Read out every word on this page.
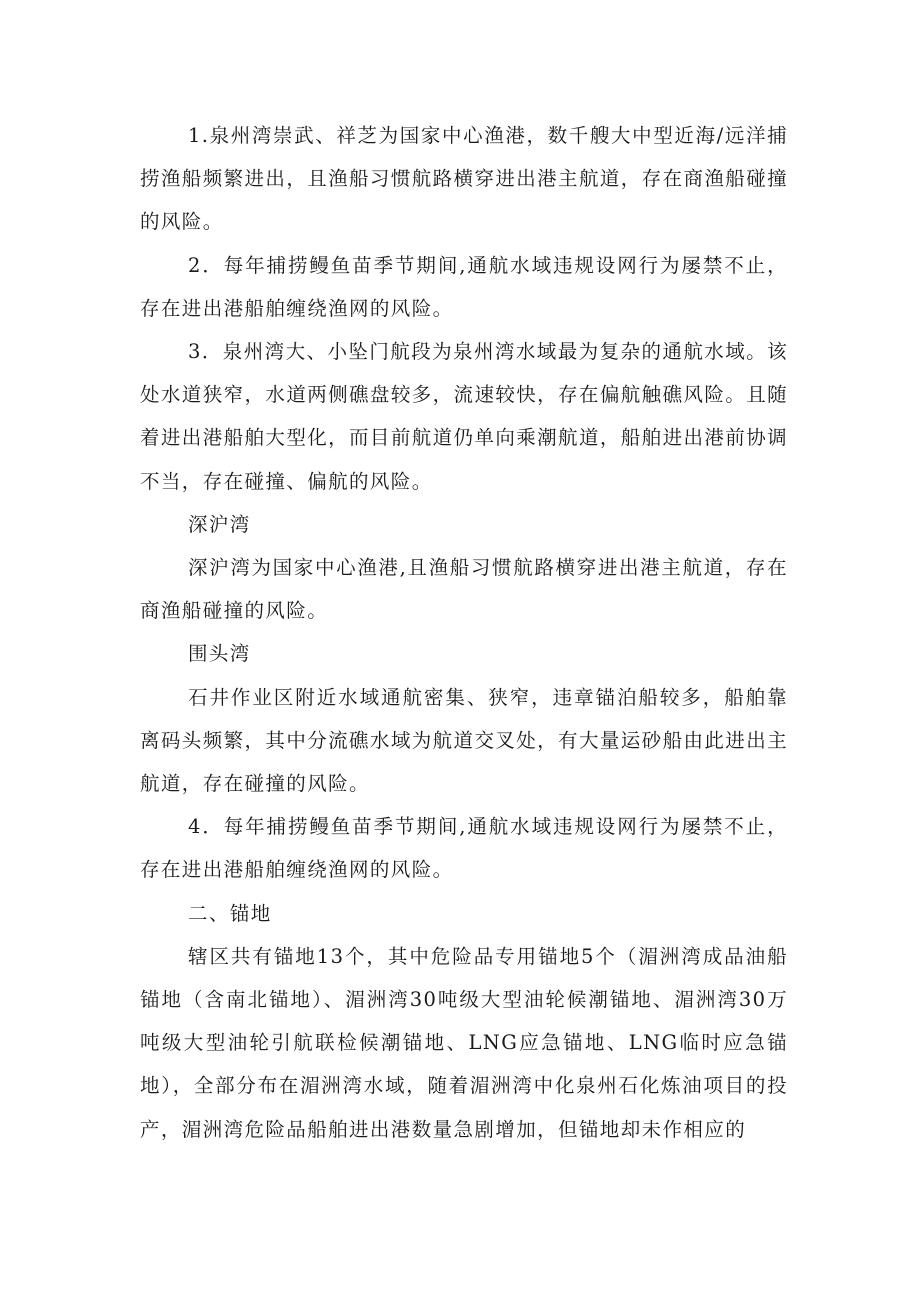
1.泉州湾崇武、祥芝为国家中心渔港，数千艘大中型近海/远洋捕捞渔船频繁进出，且渔船习惯航路横穿进出港主航道，存在商渔船碰撞的风险。

2．每年捕捞鳗鱼苗季节期间,通航水域违规设网行为屡禁不止，存在进出港船舶缠绕渔网的风险。

3．泉州湾大、小坠门航段为泉州湾水域最为复杂的通航水域。该处水道狭窄，水道两侧礁盘较多，流速较快，存在偏航触礁风险。且随着进出港船舶大型化，而目前航道仍单向乘潮航道，船舶进出港前协调不当，存在碰撞、偏航的风险。

深沪湾

深沪湾为国家中心渔港,且渔船习惯航路横穿进出港主航道，存在商渔船碰撞的风险。

围头湾

石井作业区附近水域通航密集、狭窄，违章锚泊船较多，船舶靠离码头频繁，其中分流礁水域为航道交叉处，有大量运砂船由此进出主航道，存在碰撞的风险。

4．每年捕捞鳗鱼苗季节期间,通航水域违规设网行为屡禁不止，存在进出港船舶缠绕渔网的风险。

二、锚地

辖区共有锚地13个，其中危险品专用锚地5个（湄洲湾成品油船锚地（含南北锚地）、湄洲湾30吨级大型油轮候潮锚地、湄洲湾30万吨级大型油轮引航联检候潮锚地、LNG应急锚地、LNG临时应急锚地），全部分布在湄洲湾水域，随着湄洲湾中化泉州石化炼油项目的投产，湄洲湾危险品船舶进出港数量急剧增加，但锚地却未作相应的
